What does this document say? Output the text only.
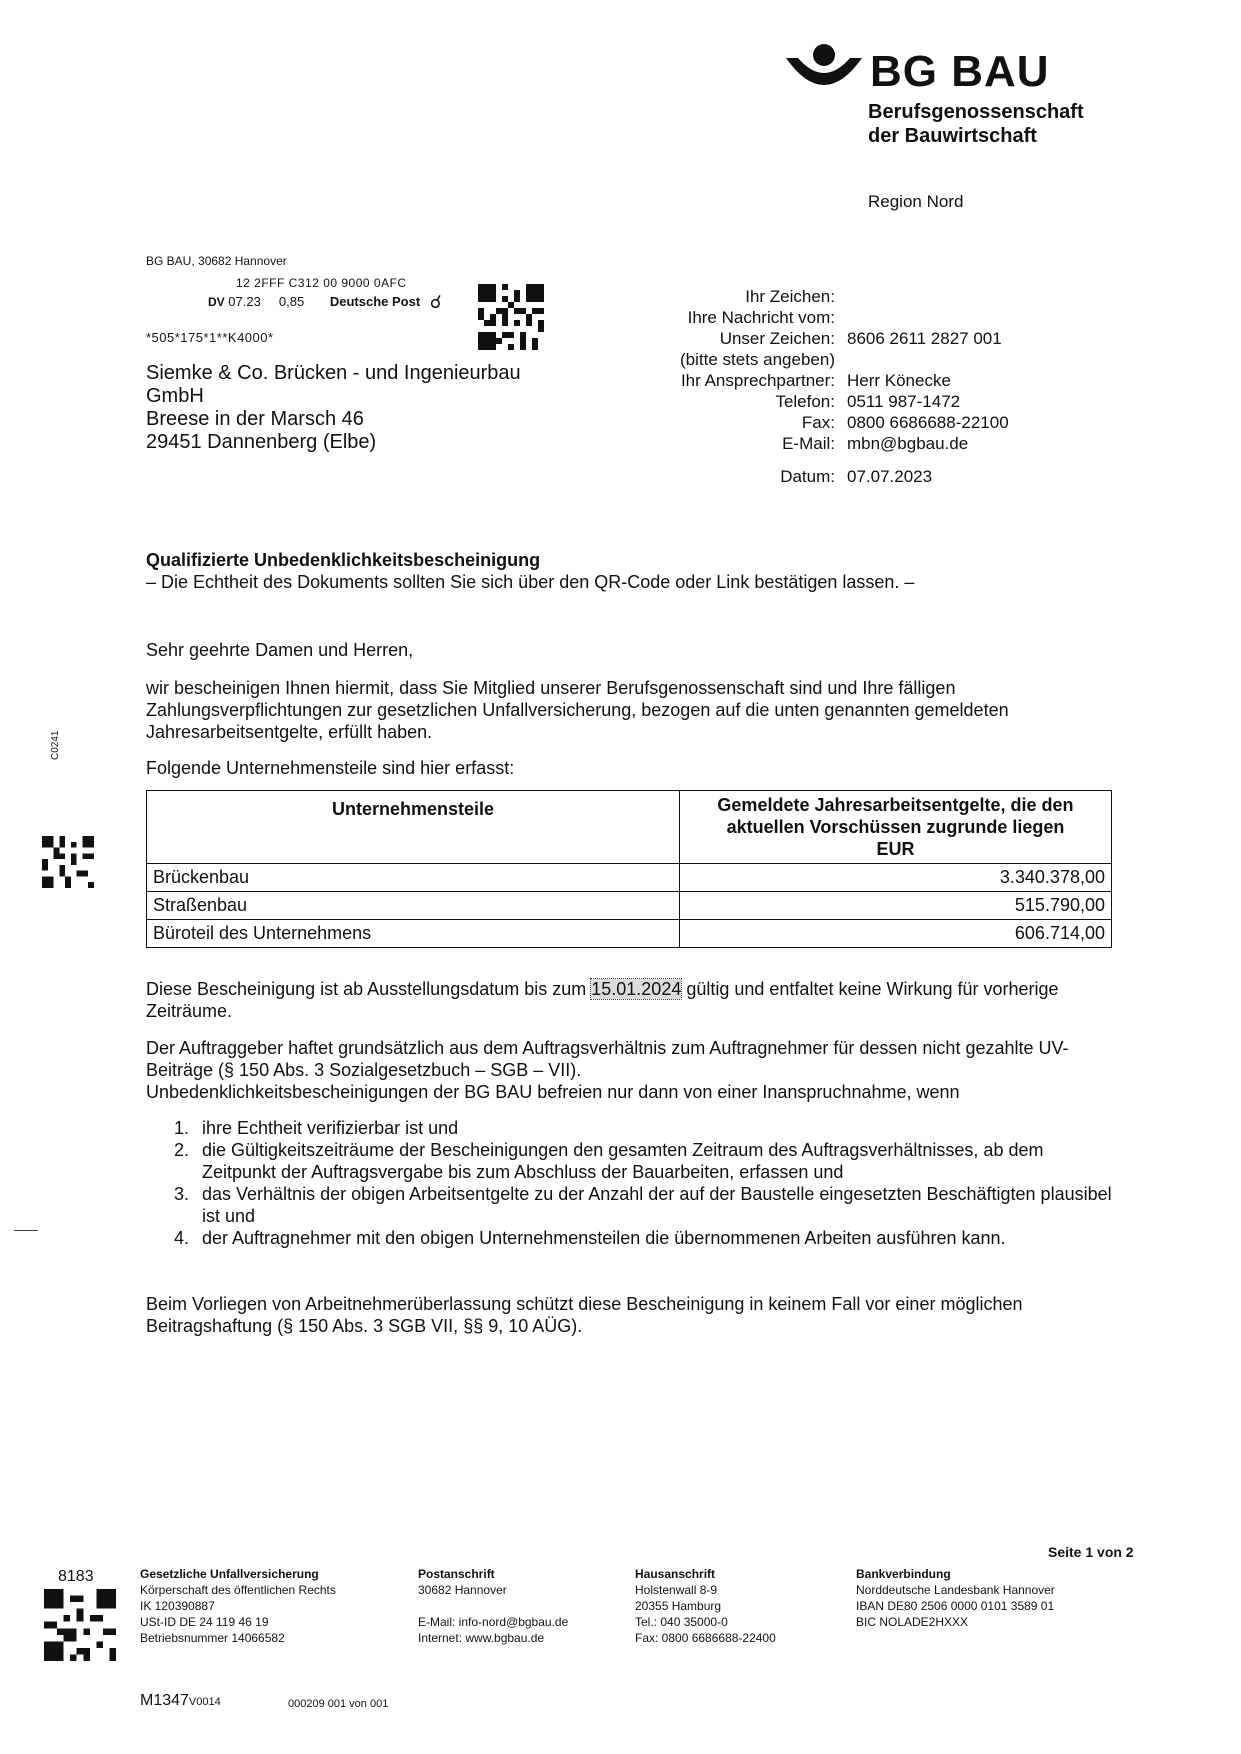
BG BAU
Berufsgenossenschaft
der Bauwirtschaft
Region Nord
BG BAU, 30682 Hannover
12 2FFF C312 00 9000 0AFC
DV 07.23 0,85 Deutsche Post ☌
*505*175*1**K4000*
Siemke & Co. Brücken - und Ingenieurbau
GmbH
Breese in der Marsch 46
29451 Dannenberg (Elbe)
Ihr Zeichen:	
Ihre Nachricht vom:	
Unser Zeichen:	8606 2611 2827 001
(bitte stets angeben)	
Ihr Ansprechpartner:	Herr Könecke
Telefon:	0511 987-1472
Fax:	0800 6686688-22100
E-Mail:	mbn@bgbau.de

Datum:	07.07.2023
Qualifizierte Unbedenklichkeitsbescheinigung
– Die Echtheit des Dokuments sollten Sie sich über den QR-Code oder Link bestätigen lassen. –
Sehr geehrte Damen und Herren,
wir bescheinigen Ihnen hiermit, dass Sie Mitglied unserer Berufsgenossenschaft sind und Ihre fälligen Zahlungsverpflichtungen zur gesetzlichen Unfallversicherung, bezogen auf die unten genannten gemeldeten Jahresarbeitsentgelte, erfüllt haben.
Folgende Unternehmensteile sind hier erfasst:
Unternehmensteile	Gemeldete Jahresarbeitsentgelte, die den
aktuellen Vorschüssen zugrunde liegen
EUR

Brückenbau	3.340.378,00
Straßenbau	515.790,00
Büroteil des Unternehmens	606.714,00
Diese Bescheinigung ist ab Ausstellungsdatum bis zum 15.01.2024 gültig und entfaltet keine Wirkung für vorherige Zeiträume.
Der Auftraggeber haftet grundsätzlich aus dem Auftragsverhältnis zum Auftragnehmer für dessen nicht gezahlte UV-Beiträge (§ 150 Abs. 3 Sozialgesetzbuch – SGB – VII).
Unbedenklichkeitsbescheinigungen der BG BAU befreien nur dann von einer Inanspruchnahme, wenn
1. ihre Echtheit verifizierbar ist und
2. die Gültigkeitszeiträume der Bescheinigungen den gesamten Zeitraum des Auftragsverhältnisses, ab dem Zeitpunkt der Auftragsvergabe bis zum Abschluss der Bauarbeiten, erfassen und
3. das Verhältnis der obigen Arbeitsentgelte zu der Anzahl der auf der Baustelle eingesetzten Beschäftigten plausibel ist und
4. der Auftragnehmer mit den obigen Unternehmensteilen die übernommenen Arbeiten ausführen kann.
Beim Vorliegen von Arbeitnehmerüberlassung schützt diese Bescheinigung in keinem Fall vor einer möglichen Beitragshaftung (§ 150 Abs. 3 SGB VII, §§ 9, 10 AÜG).
Seite 1 von 2
8183	Gesetzliche Unfallversicherung
Körperschaft des öffentlichen Rechts
IK 120390887
USt-ID DE 24 119 46 19
Betriebsnummer 14066582
Postanschrift
30682 Hannover
E-Mail: info-nord@bgbau.de
Internet: www.bgbau.de
Hausanschrift
Holstenwall 8-9
20355 Hamburg
Tel.: 040 35000-0
Fax: 0800 6686688-22400
Bankverbindung
Norddeutsche Landesbank Hannover
IBAN DE80 2506 0000 0101 3589 01
BIC NOLADE2HXXX
M1347V0014	000209 001 von 001
C0241
